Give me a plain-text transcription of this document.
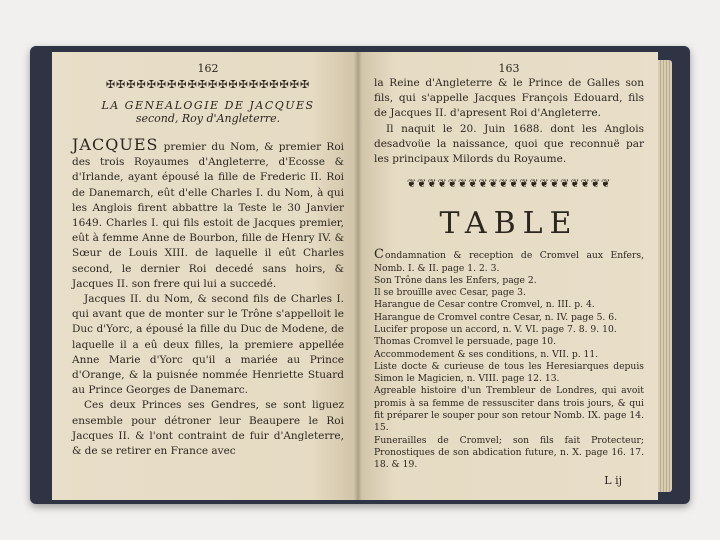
162
✠✠✠✠✠✠✠✠✠✠✠✠✠✠✠✠✠✠✠✠
LA GENEALOGIE DE JACQUES
second, Roy d'Angleterre.

JACQUES premier du Nom, & premier Roi des trois Royaumes d'Angleterre, d'Ecosse & d'Irlande, ayant épousé la fille de Frederic II. Roi de Danemarch, eût d'elle Charles I. du Nom, à qui les Anglois firent abbattre la Teste le 30 Janvier 1649. Charles I. qui fils estoit de Jacques premier, eût à femme Anne de Bourbon, fille de Henry IV. & Sœur de Louis XIII. de laquelle il eût Charles second, le dernier Roi decedé sans hoirs, & Jacques II. son frere qui lui a succedé.

Jacques II. du Nom, & second fils de Charles I. qui avant que de monter sur le Trône s'appelloit le Duc d'Yorc, a épousé la fille du Duc de Modene, de laquelle il a eû deux filles, la premiere appellée Anne Marie d'Yorc qu'il a mariée au Prince d'Orange, & la puisnée nommée Henriette Stuard au Prince Georges de Danemarc.

Ces deux Princes ses Gendres, se sont liguez ensemble pour détroner leur Beaupere le Roi Jacques II. & l'ont contraint de fuir d'Angleterre, & de se retirer en France avec

163

la Reine d'Angleterre & le Prince de Galles son fils, qui s'appelle Jacques François Edouard, fils de Jacques II. d'apresent Roi d'Angleterre.

Il naquit le 20. Juin 1688. dont les Anglois desadvoüe la naissance, quoi que reconnuë par les principaux Milords du Royaume.

❦❦❦❦❦❦❦❦❦❦❦❦❦❦❦❦❦❦❦❦
TABLE

Condamnation & reception de Cromvel aux Enfers, Nomb. I. & II. page 1. 2. 3.

Son Trône dans les Enfers, page 2.

Il se brouïlle avec Cesar, page 3.

Harangue de Cesar contre Cromvel, n. III. p. 4.

Harangue de Cromvel contre Cesar, n. IV. page 5. 6.

Lucifer propose un accord, n. V. VI. page 7. 8. 9. 10.

Thomas Cromvel le persuade, page 10.

Accommodement & ses conditions, n. VII. p. 11.

Liste docte & curieuse de tous les Heresiarques depuis Simon le Magicien, n. VIII. page 12. 13.

Agreable histoire d'un Trembleur de Londres, qui avoit promis à sa femme de ressusciter dans trois jours, & qui fit préparer le souper pour son retour Nomb. IX. page 14. 15.

Funerailles de Cromvel; son fils fait Protecteur; Pronostiques de son abdication future, n. X. page 16. 17. 18. & 19.

L ij
